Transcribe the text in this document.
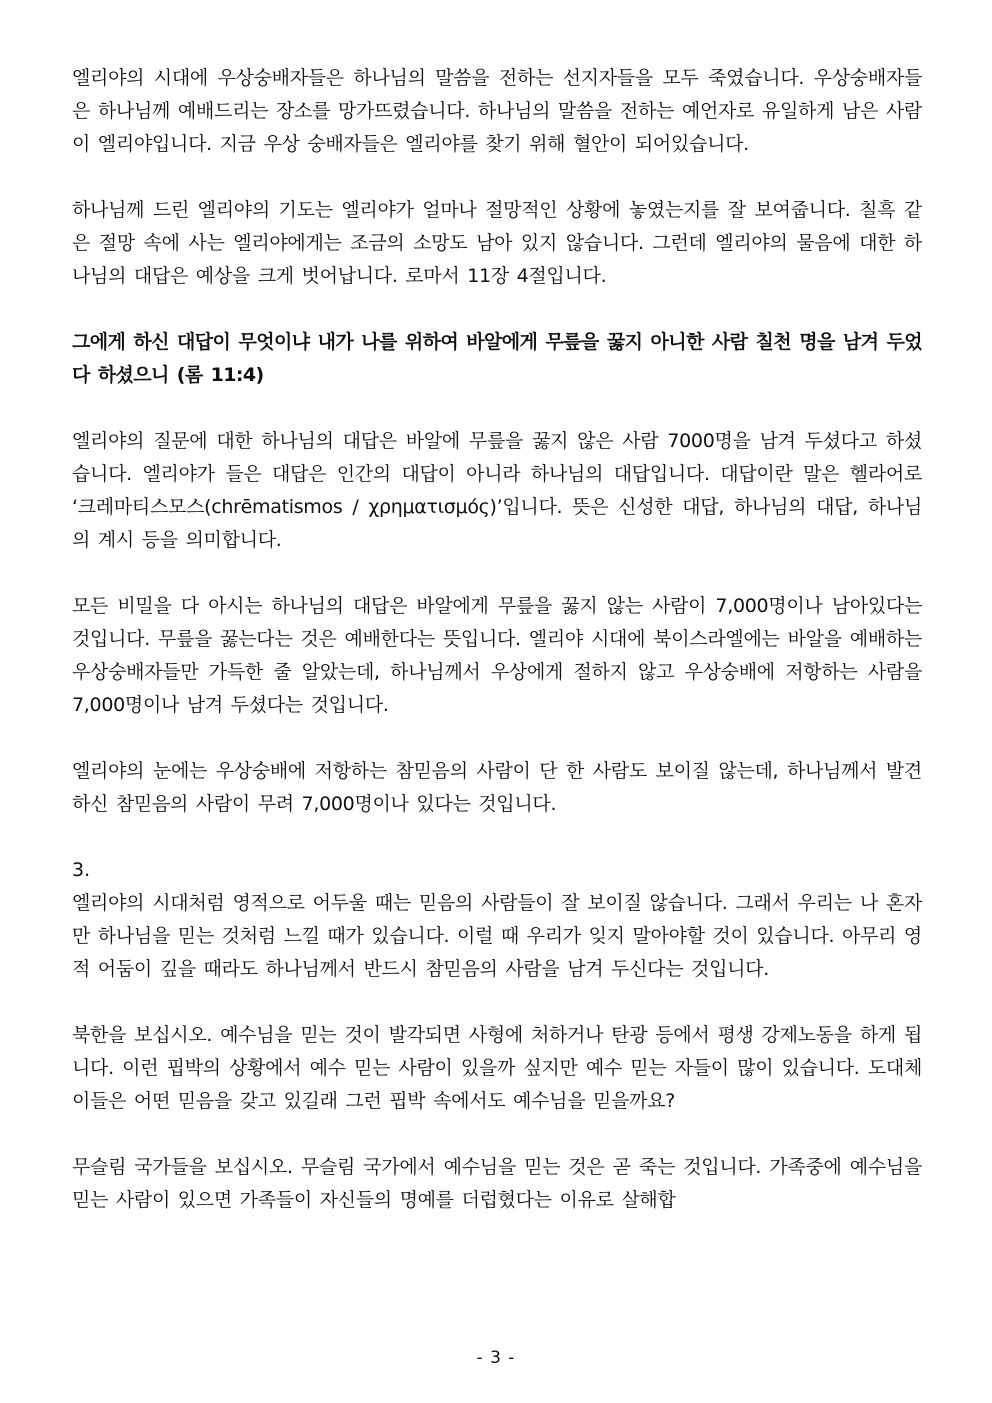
엘리야의 시대에 우상숭배자들은 하나님의 말씀을 전하는 선지자들을 모두 죽였습니다. 우상숭배자들은 하나님께 예배드리는 장소를 망가뜨렸습니다. 하나님의 말씀을 전하는 예언자로 유일하게 남은 사람이 엘리야입니다. 지금 우상 숭배자들은 엘리야를 찾기 위해 혈안이 되어있습니다.

하나님께 드린 엘리야의 기도는 엘리야가 얼마나 절망적인 상황에 놓였는지를 잘 보여줍니다. 칠흑 같은 절망 속에 사는 엘리야에게는 조금의 소망도 남아 있지 않습니다. 그런데 엘리야의 물음에 대한 하나님의 대답은 예상을 크게 벗어납니다. 로마서 11장 4절입니다.

그에게 하신 대답이 무엇이냐 내가 나를 위하여 바알에게 무릎을 꿇지 아니한 사람 칠천 명을 남겨 두었다 하셨으니 (롬 11:4)

엘리야의 질문에 대한 하나님의 대답은 바알에 무릎을 꿇지 않은 사람 7000명을 남겨 두셨다고 하셨습니다. 엘리야가 들은 대답은 인간의 대답이 아니라 하나님의 대답입니다. 대답이란 말은 헬라어로 ‘크레마티스모스(chrēmatismos / χρηματισμός)’입니다. 뜻은 신성한 대답, 하나님의 대답, 하나님의 계시 등을 의미합니다.

모든 비밀을 다 아시는 하나님의 대답은 바알에게 무릎을 꿇지 않는 사람이 7,000명이나 남아있다는 것입니다. 무릎을 꿇는다는 것은 예배한다는 뜻입니다. 엘리야 시대에 북이스라엘에는 바알을 예배하는 우상숭배자들만 가득한 줄 알았는데, 하나님께서 우상에게 절하지 않고 우상숭배에 저항하는 사람을 7,000명이나 남겨 두셨다는 것입니다.

엘리야의 눈에는 우상숭배에 저항하는 참믿음의 사람이 단 한 사람도 보이질 않는데, 하나님께서 발견하신 참믿음의 사람이 무려 7,000명이나 있다는 것입니다.

3.

엘리야의 시대처럼 영적으로 어두울 때는 믿음의 사람들이 잘 보이질 않습니다. 그래서 우리는 나 혼자만 하나님을 믿는 것처럼 느낄 때가 있습니다. 이럴 때 우리가 잊지 말아야할 것이 있습니다. 아무리 영적 어둠이 깊을 때라도 하나님께서 반드시 참믿음의 사람을 남겨 두신다는 것입니다.

북한을 보십시오. 예수님을 믿는 것이 발각되면 사형에 처하거나 탄광 등에서 평생 강제노동을 하게 됩니다. 이런 핍박의 상황에서 예수 믿는 사람이 있을까 싶지만 예수 믿는 자들이 많이 있습니다. 도대체 이들은 어떤 믿음을 갖고 있길래 그런 핍박 속에서도 예수님을 믿을까요?

무슬림 국가들을 보십시오. 무슬림 국가에서 예수님을 믿는 것은 곧 죽는 것입니다. 가족중에 예수님을 믿는 사람이 있으면 가족들이 자신들의 명예를 더럽혔다는 이유로 살해합

- 3 -
